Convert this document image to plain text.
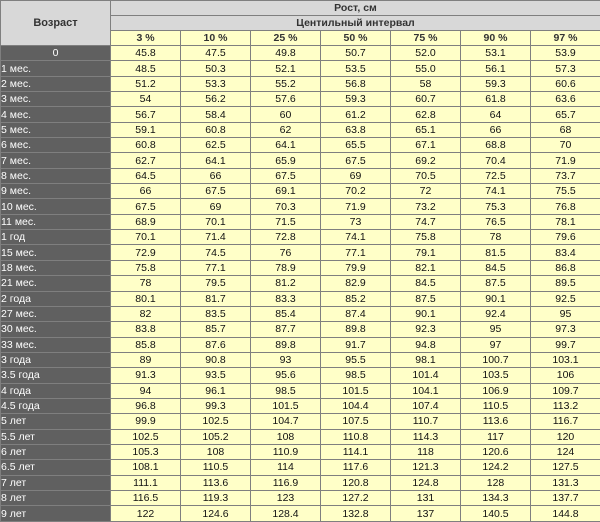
Возраст	Рост, см						
	Центильный интервал						
	3 %	10 %	25 %	50 %	75 %	90 %	97 %
0	45.8	47.5	49.8	50.7	52.0	53.1	53.9
1 мес.	48.5	50.3	52.1	53.5	55.0	56.1	57.3
2 мес.	51.2	53.3	55.2	56.8	58	59.3	60.6
3 мес.	54	56.2	57.6	59.3	60.7	61.8	63.6
4 мес.	56.7	58.4	60	61.2	62.8	64	65.7
5 мес.	59.1	60.8	62	63.8	65.1	66	68
6 мес.	60.8	62.5	64.1	65.5	67.1	68.8	70
7 мес.	62.7	64.1	65.9	67.5	69.2	70.4	71.9
8 мес.	64.5	66	67.5	69	70.5	72.5	73.7
9 мес.	66	67.5	69.1	70.2	72	74.1	75.5
10 мес.	67.5	69	70.3	71.9	73.2	75.3	76.8
11 мес.	68.9	70.1	71.5	73	74.7	76.5	78.1
1 год	70.1	71.4	72.8	74.1	75.8	78	79.6
15 мес.	72.9	74.5	76	77.1	79.1	81.5	83.4
18 мес.	75.8	77.1	78.9	79.9	82.1	84.5	86.8
21 мес.	78	79.5	81.2	82.9	84.5	87.5	89.5
2 года	80.1	81.7	83.3	85.2	87.5	90.1	92.5
27 мес.	82	83.5	85.4	87.4	90.1	92.4	95
30 мес.	83.8	85.7	87.7	89.8	92.3	95	97.3
33 мес.	85.8	87.6	89.8	91.7	94.8	97	99.7
3 года	89	90.8	93	95.5	98.1	100.7	103.1
3.5 года	91.3	93.5	95.6	98.5	101.4	103.5	106
4 года	94	96.1	98.5	101.5	104.1	106.9	109.7
4.5 года	96.8	99.3	101.5	104.4	107.4	110.5	113.2
5 лет	99.9	102.5	104.7	107.5	110.7	113.6	116.7
5.5 лет	102.5	105.2	108	110.8	114.3	117	120
6 лет	105.3	108	110.9	114.1	118	120.6	124
6.5 лет	108.1	110.5	114	117.6	121.3	124.2	127.5
7 лет	111.1	113.6	116.9	120.8	124.8	128	131.3
8 лет	116.5	119.3	123	127.2	131	134.3	137.7
9 лет	122	124.6	128.4	132.8	137	140.5	144.8
